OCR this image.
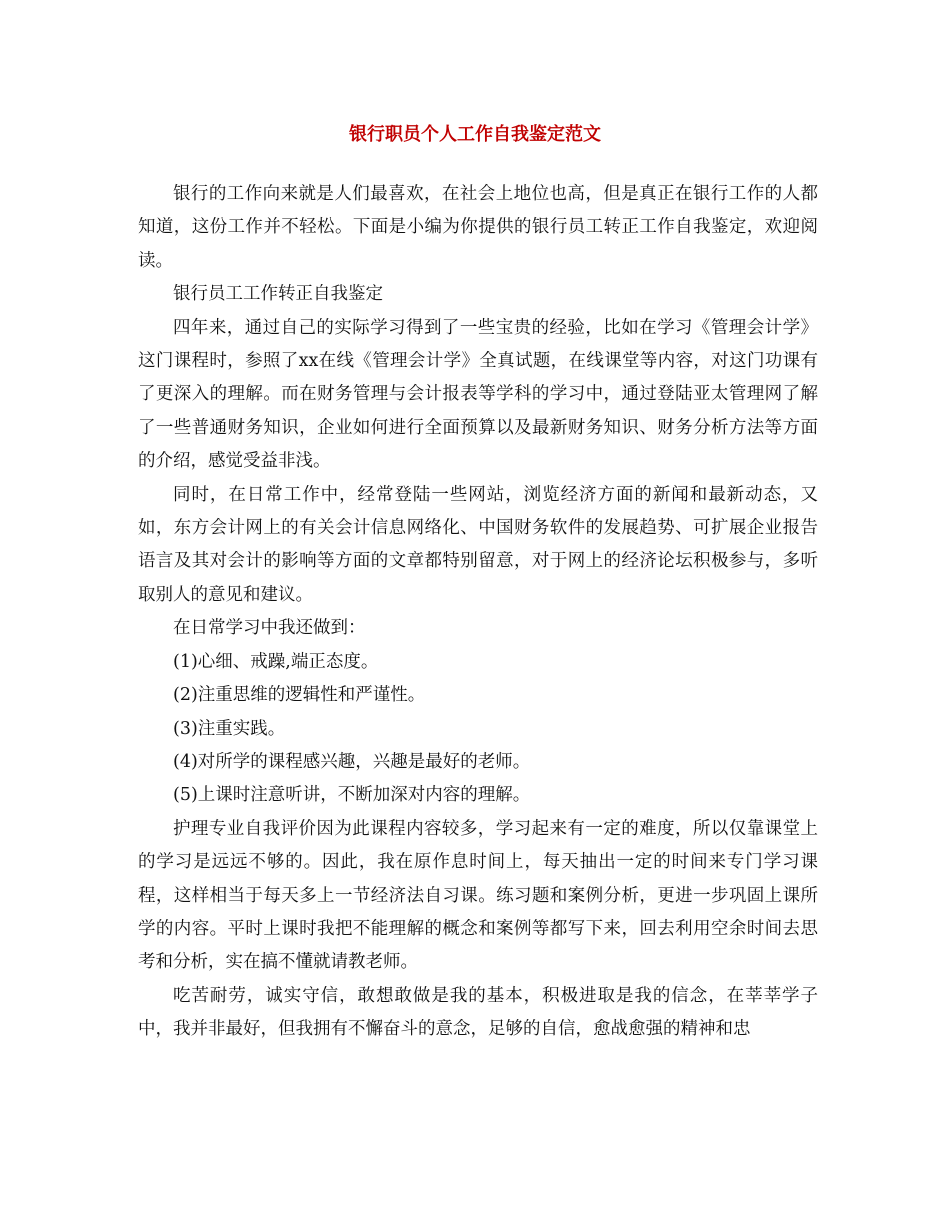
银行职员个人工作自我鉴定范文

银行的工作向来就是人们最喜欢，在社会上地位也高，但是真正在银行工作的人都知道，这份工作并不轻松。下面是小编为你提供的银行员工转正工作自我鉴定，欢迎阅读。

银行员工工作转正自我鉴定

四年来，通过自己的实际学习得到了一些宝贵的经验，比如在学习《管理会计学》这门课程时，参照了xx在线《管理会计学》全真试题，在线课堂等内容，对这门功课有了更深入的理解。而在财务管理与会计报表等学科的学习中，通过登陆亚太管理网了解了一些普通财务知识，企业如何进行全面预算以及最新财务知识、财务分析方法等方面的介绍，感觉受益非浅。

同时，在日常工作中，经常登陆一些网站，浏览经济方面的新闻和最新动态，又如，东方会计网上的有关会计信息网络化、中国财务软件的发展趋势、可扩展企业报告语言及其对会计的影响等方面的文章都特别留意，对于网上的经济论坛积极参与，多听取别人的意见和建议。

在日常学习中我还做到：

(1)心细、戒躁,端正态度。

(2)注重思维的逻辑性和严谨性。

(3)注重实践。

(4)对所学的课程感兴趣，兴趣是最好的老师。

(5)上课时注意听讲，不断加深对内容的理解。

护理专业自我评价因为此课程内容较多，学习起来有一定的难度，所以仅靠课堂上的学习是远远不够的。因此，我在原作息时间上，每天抽出一定的时间来专门学习课程，这样相当于每天多上一节经济法自习课。练习题和案例分析，更进一步巩固上课所学的内容。平时上课时我把不能理解的概念和案例等都写下来，回去利用空余时间去思考和分析，实在搞不懂就请教老师。

吃苦耐劳，诚实守信，敢想敢做是我的基本，积极进取是我的信念，在莘莘学子中，我并非最好，但我拥有不懈奋斗的意念，足够的自信，愈战愈强的精神和忠
